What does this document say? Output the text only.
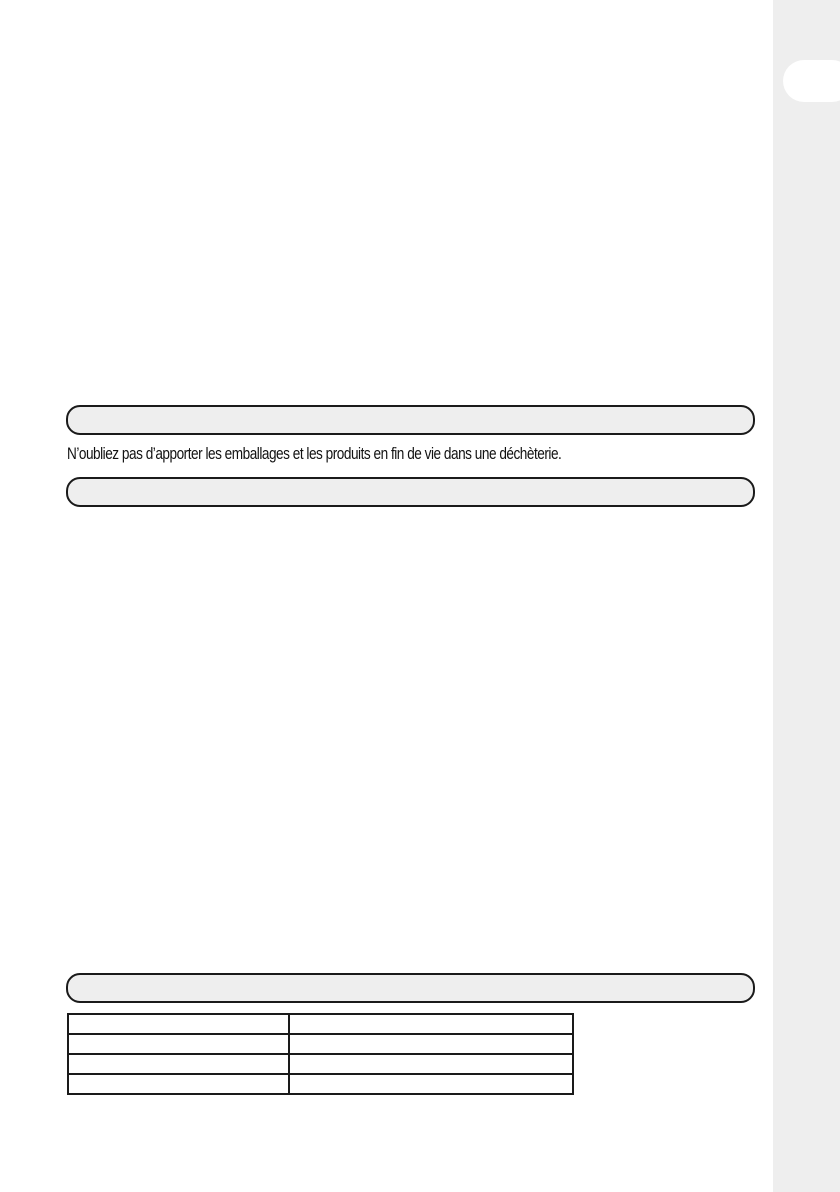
N’oubliez pas d’apporter les emballages et les produits en fin de vie dans une déchèterie.
